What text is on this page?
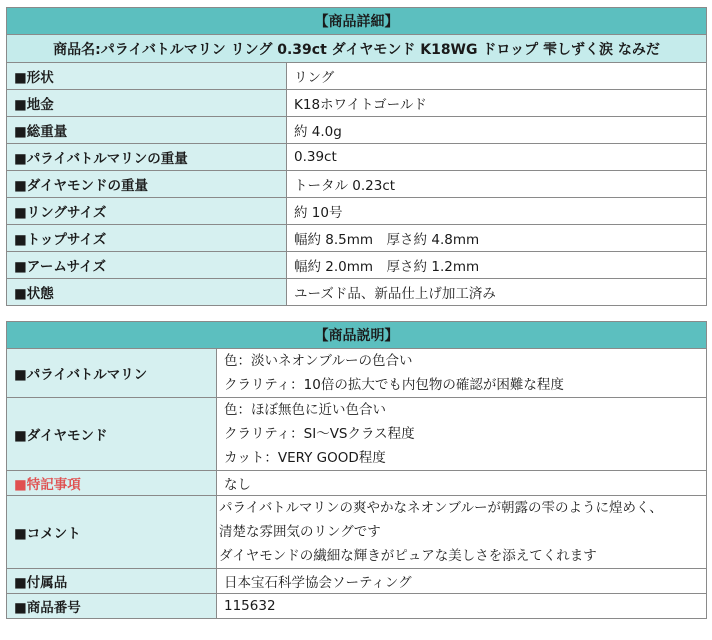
【商品詳細】	
商品名:パライバトルマリン リング 0.39ct ダイヤモンド K18WG ドロップ 雫しずく涙 なみだ	
■形状	リング
■地金	K18ホワイトゴールド
■総重量	約 4.0g
■パライバトルマリンの重量	0.39ct
■ダイヤモンドの重量	トータル 0.23ct
■リングサイズ	約 10号
■トップサイズ	幅約 8.5mm　厚さ約 4.8mm
■アームサイズ	幅約 2.0mm　厚さ約 1.2mm
■状態	ユーズド品、新品仕上げ加工済み
【商品説明】	
■パライバトルマリン	色：淡いネオンブルーの色合い
クラリティ：10倍の拡大でも内包物の確認が困難な程度

■ダイヤモンド	色：ほぼ無色に近い色合い
クラリティ：SI～VSクラス程度
カット：VERY GOOD程度

■特記事項	なし
■コメント	パライバトルマリンの爽やかなネオンブルーが朝露の雫のように煌めく、
清楚な雰囲気のリングです
ダイヤモンドの繊細な輝きがピュアな美しさを添えてくれます

■付属品	日本宝石科学協会ソーティング
■商品番号	115632
